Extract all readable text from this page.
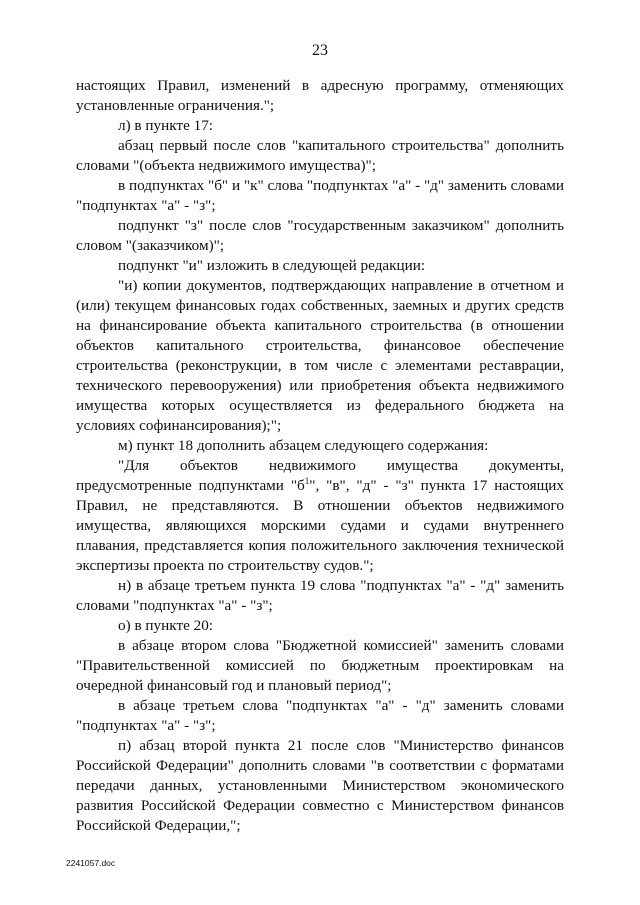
23

настоящих Правил, изменений в адресную программу, отменяющих установленные ограничения.";

л) в пункте 17:

абзац первый после слов "капитального строительства" дополнить словами "(объекта недвижимого имущества)";

в подпунктах "б" и "к" слова "подпунктах "а" - "д" заменить словами "подпунктах "а" - "з";

подпункт "з" после слов "государственным заказчиком" дополнить словом "(заказчиком)";

подпункт "и" изложить в следующей редакции:

"и) копии документов, подтверждающих направление в отчетном и (или) текущем финансовых годах собственных, заемных и других средств на финансирование объекта капитального строительства (в отношении объектов капитального строительства, финансовое обеспечение строительства (реконструкции, в том числе с элементами реставрации, технического перевооружения) или приобретения объекта недвижимого имущества которых осуществляется из федерального бюджета на условиях софинансирования);";

м) пункт 18 дополнить абзацем следующего содержания:

"Для объектов недвижимого имущества документы, предусмотренные подпунктами "$б^1$", "в", "д" - "з" пункта 17 настоящих Правил, не представляются. В отношении объектов недвижимого имущества, являющихся морскими судами и судами внутреннего плавания, представляется копия положительного заключения технической экспертизы проекта по строительству судов.";

н) в абзаце третьем пункта 19 слова "подпунктах "а" - "д" заменить словами "подпунктах "а" - "з";

о) в пункте 20:

в абзаце втором слова "Бюджетной комиссией" заменить словами "Правительственной комиссией по бюджетным проектировкам на очередной финансовый год и плановый период";

в абзаце третьем слова "подпунктах "а" - "д" заменить словами "подпунктах "а" - "з";

п) абзац второй пункта 21 после слов "Министерство финансов Российской Федерации" дополнить словами "в соответствии с форматами передачи данных, установленными Министерством экономического развития Российской Федерации совместно с Министерством финансов Российской Федерации,";

2241057.doc
